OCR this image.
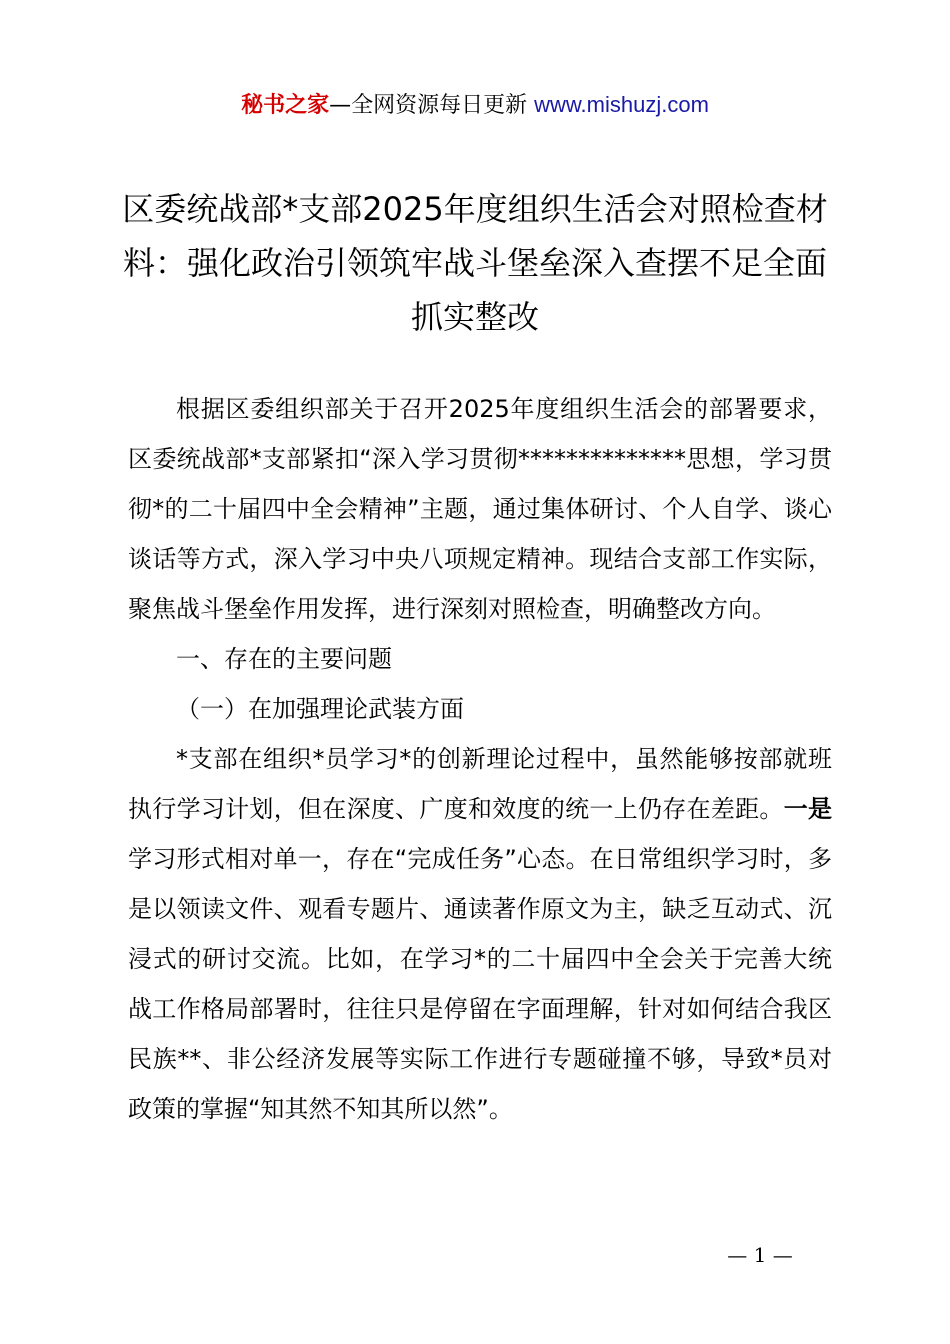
秘书之家—全网资源每日更新 www.mishuzj.com
区委统战部*支部2025年度组织生活会对照检查材料：强化政治引领筑牢战斗堡垒深入查摆不足全面抓实整改

根据区委组织部关于召开2025年度组织生活会的部署要求，区委统战部*支部紧扣“深入学习贯彻**************思想，学习贯彻*的二十届四中全会精神”主题，通过集体研讨、个人自学、谈心谈话等方式，深入学习中央八项规定精神。现结合支部工作实际，聚焦战斗堡垒作用发挥，进行深刻对照检查，明确整改方向。

一、存在的主要问题

（一）在加强理论武装方面

*支部在组织*员学习*的创新理论过程中，虽然能够按部就班执行学习计划，但在深度、广度和效度的统一上仍存在差距。一是学习形式相对单一，存在“完成任务”心态。在日常组织学习时，多是以领读文件、观看专题片、通读著作原文为主，缺乏互动式、沉浸式的研讨交流。比如，在学习*的二十届四中全会关于完善大统战工作格局部署时，往往只是停留在字面理解，针对如何结合我区民族**、非公经济发展等实际工作进行专题碰撞不够，导致*员对政策的掌握“知其然不知其所以然”。

— 1 —
